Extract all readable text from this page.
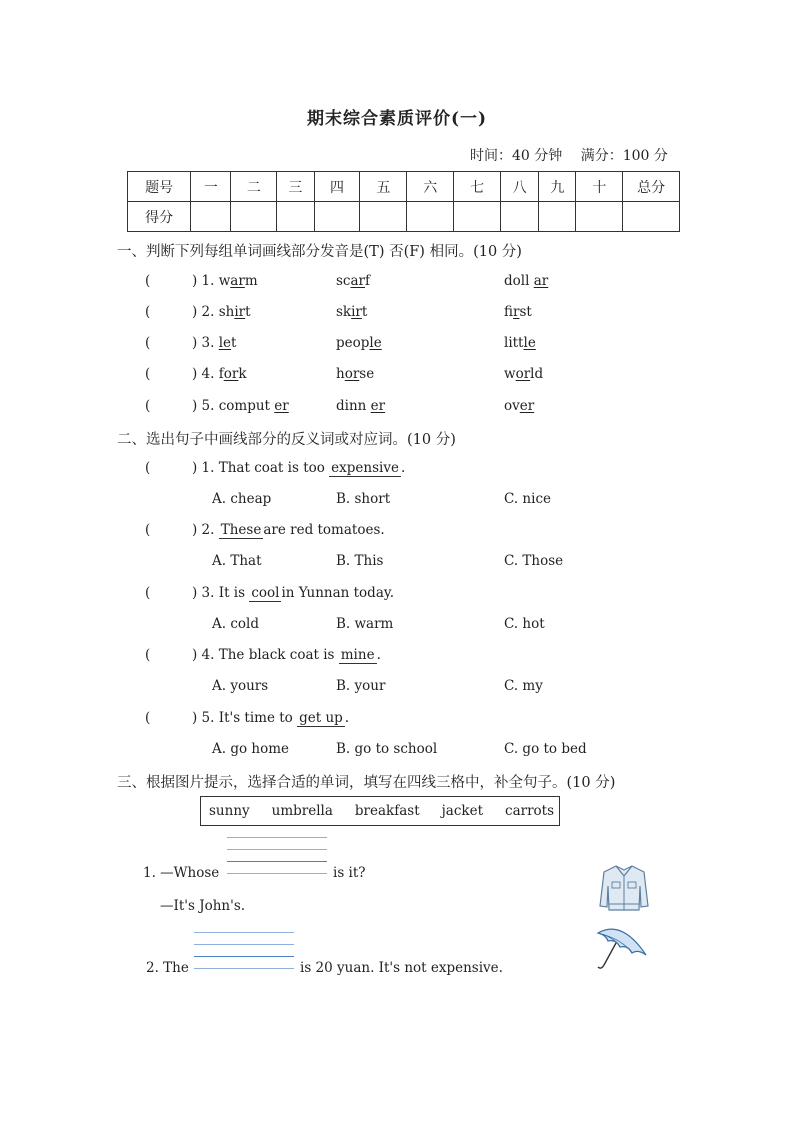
期末综合素质评价(一)
时间：40 分钟 满分：100 分
题号	一	二	三	四	五	六	七	八	九	十	总分
得分											
一、判断下列每组单词画线部分发音是(T) 否(F) 相同。(10 分)
(	) 1. warm	scarf	doll ar
(	) 2. shirt	skirt	first
(	) 3. let	people	little
(	) 4. fork	horse	world
(	) 5. comput er	dinn er	over
二、选出句子中画线部分的反义词或对应词。(10 分)
(	) 1. That coat is too expensive.
A. cheap	B. short	C. nice
(	) 2. Theseare red tomatoes.
A. That	B. This	C. Those
(	) 3. It is coolin Yunnan today.
A. cold	B. warm	C. hot
(	) 4. The black coat is mine.
A. yours	B. your	C. my
(	) 5. It's time to get up .
A. go home	B. go to school	C. go to bed
三、根据图片提示，选择合适的单词，填写在四线三格中，补全句子。(10 分)
sunny umbrella breakfast jacket carrots
1. —Whose	is it?
—It's John's.
2. The	is 20 yuan. It's not expensive.
